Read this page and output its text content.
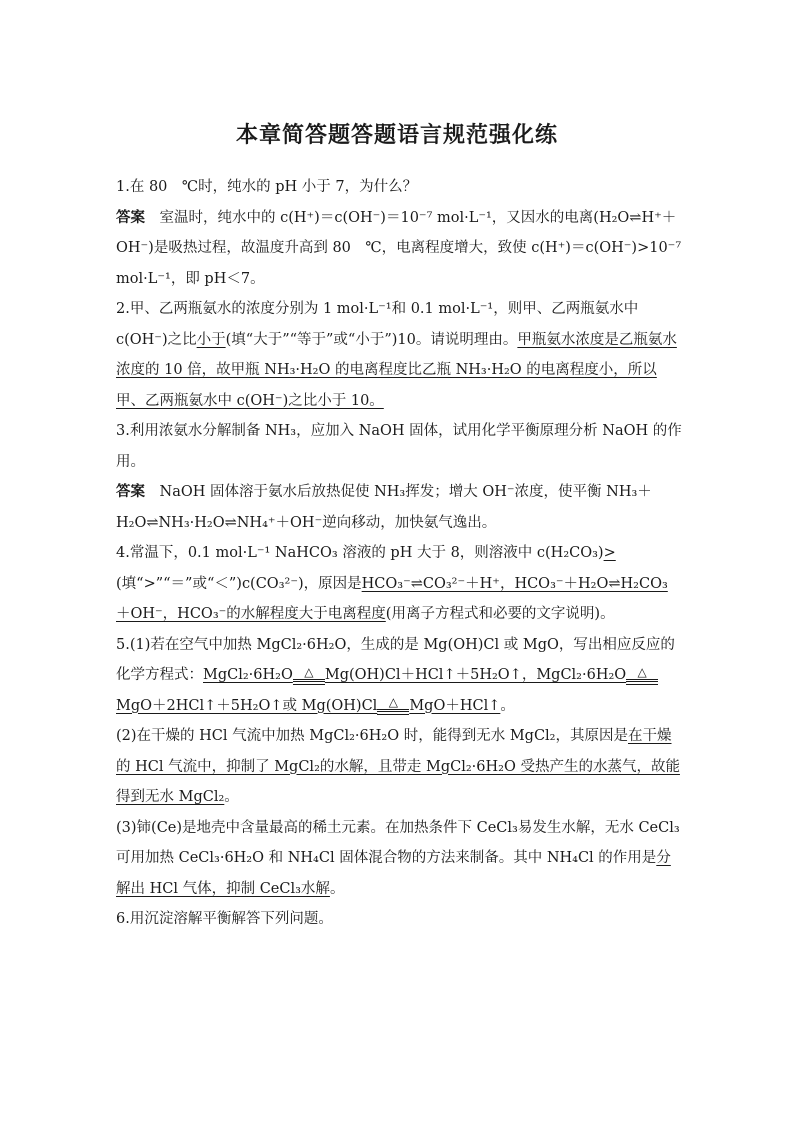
本章简答题答题语言规范强化练

1.在 80　℃时，纯水的 pH 小于 7，为什么？

答案　 室温时，纯水中的 c(H⁺)＝c(OH⁻)＝10⁻⁷ mol·L⁻¹，又因水的电离(H₂O⇌H⁺＋OH⁻)是吸热过程，故温度升高到 80　℃，电离程度增大，致使 c(H⁺)＝c(OH⁻)>10⁻⁷ mol·L⁻¹，即 pH＜7。

2.甲、乙两瓶氨水的浓度分别为 1 mol·L⁻¹和 0.1 mol·L⁻¹，则甲、乙两瓶氨水中 c(OH⁻)之比小于(填“大于”“等于”或“小于”)10。请说明理由。甲瓶氨水浓度是乙瓶氨水浓度的 10 倍，故甲瓶 NH₃·H₂O 的电离程度比乙瓶 NH₃·H₂O 的电离程度小，所以甲、乙两瓶氨水中 c(OH⁻)之比小于 10。

3.利用浓氨水分解制备 NH₃，应加入 NaOH 固体，试用化学平衡原理分析 NaOH 的作用。

答案　 NaOH 固体溶于氨水后放热促使 NH₃挥发；增大 OH⁻浓度，使平衡 NH₃＋H₂O⇌NH₃·H₂O⇌NH₄⁺＋OH⁻逆向移动，加快氨气逸出。

4.常温下，0.1 mol·L⁻¹ NaHCO₃ 溶液的 pH 大于 8，则溶液中 c(H₂CO₃)>(填“>”“＝”或“＜”)c(CO₃²⁻)，原因是HCO₃⁻⇌CO₃²⁻＋H⁺，HCO₃⁻＋H₂O⇌H₂CO₃＋OH⁻，HCO₃⁻的水解程度大于电离程度(用离子方程式和必要的文字说明)。

5.(1)若在空气中加热 MgCl₂·6H₂O，生成的是 Mg(OH)Cl 或 MgO，写出相应反应的化学方程式：MgCl₂·6H₂O △ Mg(OH)Cl＋HCl↑＋5H₂O↑，MgCl₂·6H₂O △
MgO＋2HCl↑＋5H₂O↑或 Mg(OH)Cl △ MgO＋HCl↑。

(2)在干燥的 HCl 气流中加热 MgCl₂·6H₂O 时，能得到无水 MgCl₂，其原因是在干燥的 HCl 气流中，抑制了 MgCl₂的水解，且带走 MgCl₂·6H₂O 受热产生的水蒸气，故能得到无水 MgCl₂。

(3)铈(Ce)是地壳中含量最高的稀土元素。在加热条件下 CeCl₃易发生水解，无水 CeCl₃可用加热 CeCl₃·6H₂O 和 NH₄Cl 固体混合物的方法来制备。其中 NH₄Cl 的作用是分解出 HCl 气体，抑制 CeCl₃水解。

6.用沉淀溶解平衡解答下列问题。
